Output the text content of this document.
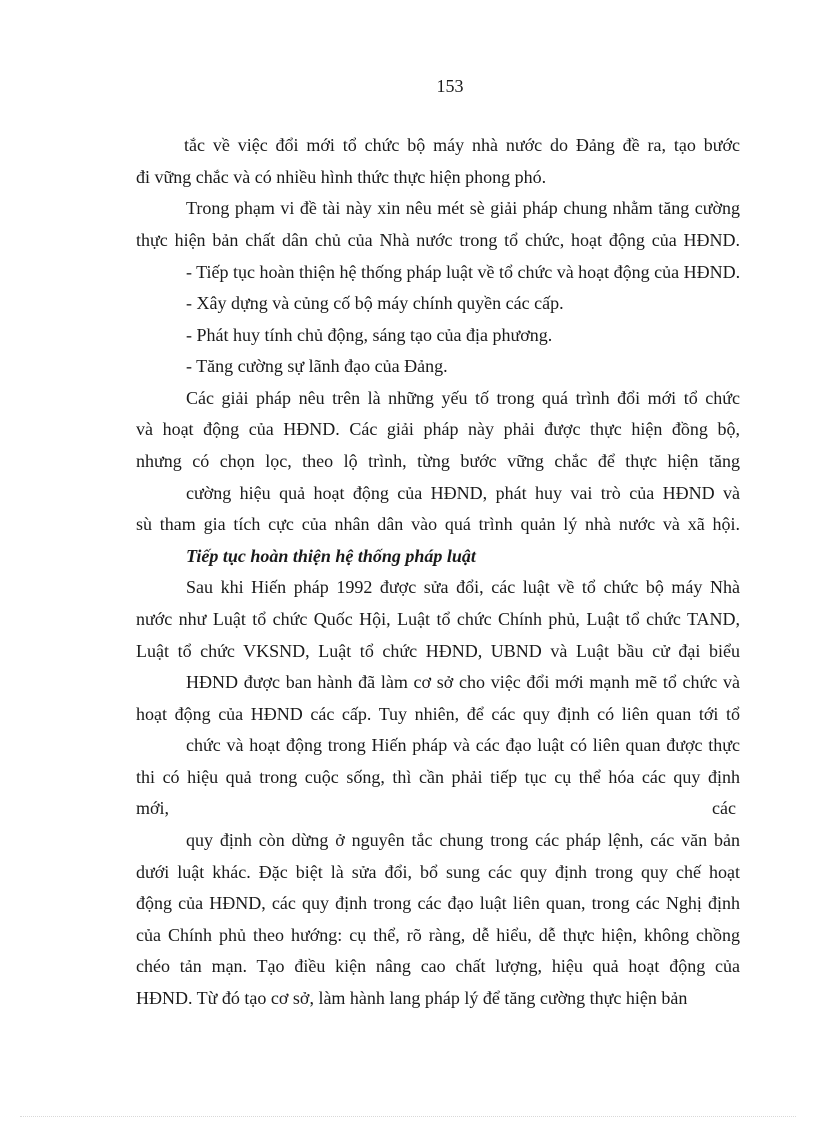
153
tắc về việc đổi mới tổ chức bộ máy nhà nước do Đảng đề ra, tạo bước
đi vững chắc và có nhiều hình thức thực hiện phong phó.
Trong phạm vi đề tài này xin nêu mét sè giải pháp chung nhằm tăng cường
thực hiện bản chất dân chủ của Nhà nước trong tổ chức, hoạt động của HĐND.
- Tiếp tục hoàn thiện hệ thống pháp luật về tổ chức và hoạt động của HĐND.
- Xây dựng và củng cố bộ máy chính quyền các cấp.
- Phát huy tính chủ động, sáng tạo của địa phương.
- Tăng cường sự lãnh đạo của Đảng.
Các giải pháp nêu trên là những yếu tố trong quá trình đổi mới tổ chức
và hoạt động của HĐND. Các giải pháp này phải được thực hiện đồng bộ,
nhưng có chọn lọc, theo lộ trình, từng bước vững chắc để thực hiện tăng
cường hiệu quả hoạt động của HĐND, phát huy vai trò của HĐND và
sù tham gia tích cực của nhân dân vào quá trình quản lý nhà nước và xã hội.
Tiếp tục hoàn thiện hệ thống pháp luật
Sau khi Hiến pháp 1992 được sửa đổi, các luật về tổ chức bộ máy Nhà
nước như Luật tổ chức Quốc Hội, Luật tổ chức Chính phủ, Luật tổ chức TAND,
Luật tổ chức VKSND, Luật tổ chức HĐND, UBND và Luật bầu cử đại biểu
HĐND được ban hành đã làm cơ sở cho việc đổi mới mạnh mẽ tổ chức và
hoạt động của HĐND các cấp. Tuy nhiên, để các quy định có liên quan tới tổ
chức và hoạt động trong Hiến pháp và các đạo luật có liên quan được thực
thi có hiệu quả trong cuộc sống, thì cần phải tiếp tục cụ thể hóa các quy định
mới,	các
quy định còn dừng ở nguyên tắc chung trong các pháp lệnh, các văn bản
dưới luật khác. Đặc biệt là sửa đổi, bổ sung các quy định trong quy chế hoạt
động của HĐND, các quy định trong các đạo luật liên quan, trong các Nghị định
của Chính phủ theo hướng: cụ thể, rõ ràng, dễ hiểu, dễ thực hiện, không chồng
chéo tản mạn. Tạo điều kiện nâng cao chất lượng, hiệu quả hoạt động của
HĐND. Từ đó tạo cơ sở, làm hành lang pháp lý để tăng cường thực hiện bản
